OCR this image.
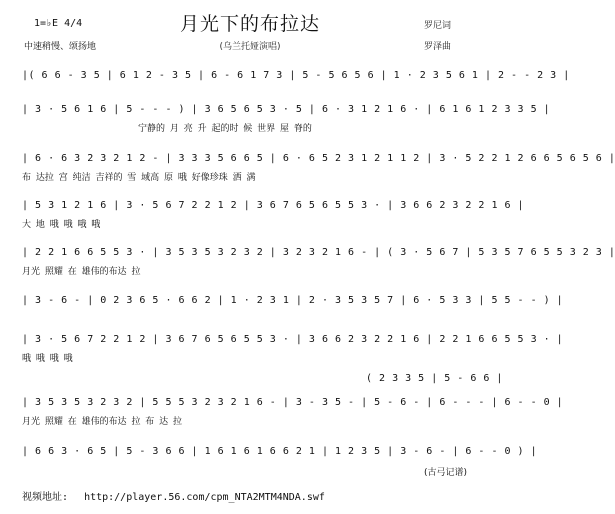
1=♭E 4/4
中速稍慢、颂扬地
月光下的布拉达
(乌兰托娅演唱)
罗尼词
罗泽曲
|( 6 6 - 3 5 | 6 1 2 - 3 5 | 6 - 6 1 7 3 | 5 - 5 6 5 6 | 1 · 2 3 5 6 1 | 2 - - 2 3 |
| 3 · 5 6 1 6 | 5 - - - ) | 3 6 5 6 5 3 · 5 | 6 · 3 1 2 1 6 · | 6 1 6 1 2 3 3 5 |
宁静的 月 亮 升 起的时 候 世界 屋 脊的
| 6 · 6 3 2 3 2 1 2 - | 3 3 3 5 6 6 5 | 6 · 6 5 2 3 1 2 1 1 2 | 3 · 5 2 2 1 2 6 6 5 6 5 6 |
布 达拉 宫 纯洁 吉祥的 雪 域高 原 哦 好像珍珠 洒 满
| 5 3 1 2 1 6 | 3 · 5 6 7 2 2 1 2 | 3 6 7 6 5 6 5 5 3 · | 3 6 6 2 3 2 2 1 6 |
大 地 哦 哦 哦 哦
| 2 2 1 6 6 5 5 3 · | 3 5 3 5 3 2 3 2 | 3 2 3 2 1 6 - | ( 3 · 5 6 7 | 5 3 5 7 6 5 5 3 2 3 |
月光 照耀 在 雄伟的布达 拉
| 3 - 6 - | 0 2 3 6 5 · 6 6 2 | 1 · 2 3 1 | 2 · 3 5 3 5 7 | 6 · 5 3 3 | 5 5 - - ) |
| 3 · 5 6 7 2 2 1 2 | 3 6 7 6 5 6 5 5 3 · | 3 6 6 2 3 2 2 1 6 | 2 2 1 6 6 5 5 3 · |
哦 哦 哦 哦
( 2 3 3 5 | 5 - 6 6 |
| 3 5 3 5 3 2 3 2 | 5 5 5 3 2 3 2 1 6 - | 3 - 3 5 - | 5 - 6 - | 6 - - - | 6 - - 0 |
月光 照耀 在 雄伟的布达 拉 布 达 拉
| 6 6 3 · 6 5 | 5 - 3 6 6 | 1 6 1 6 1 6 6 2 1 | 1 2 3 5 | 3 - 6 - | 6 - - 0 ) |
(古弓记谱)
视频地址: http://player.56.com/cpm_NTA2MTM4NDA.swf
